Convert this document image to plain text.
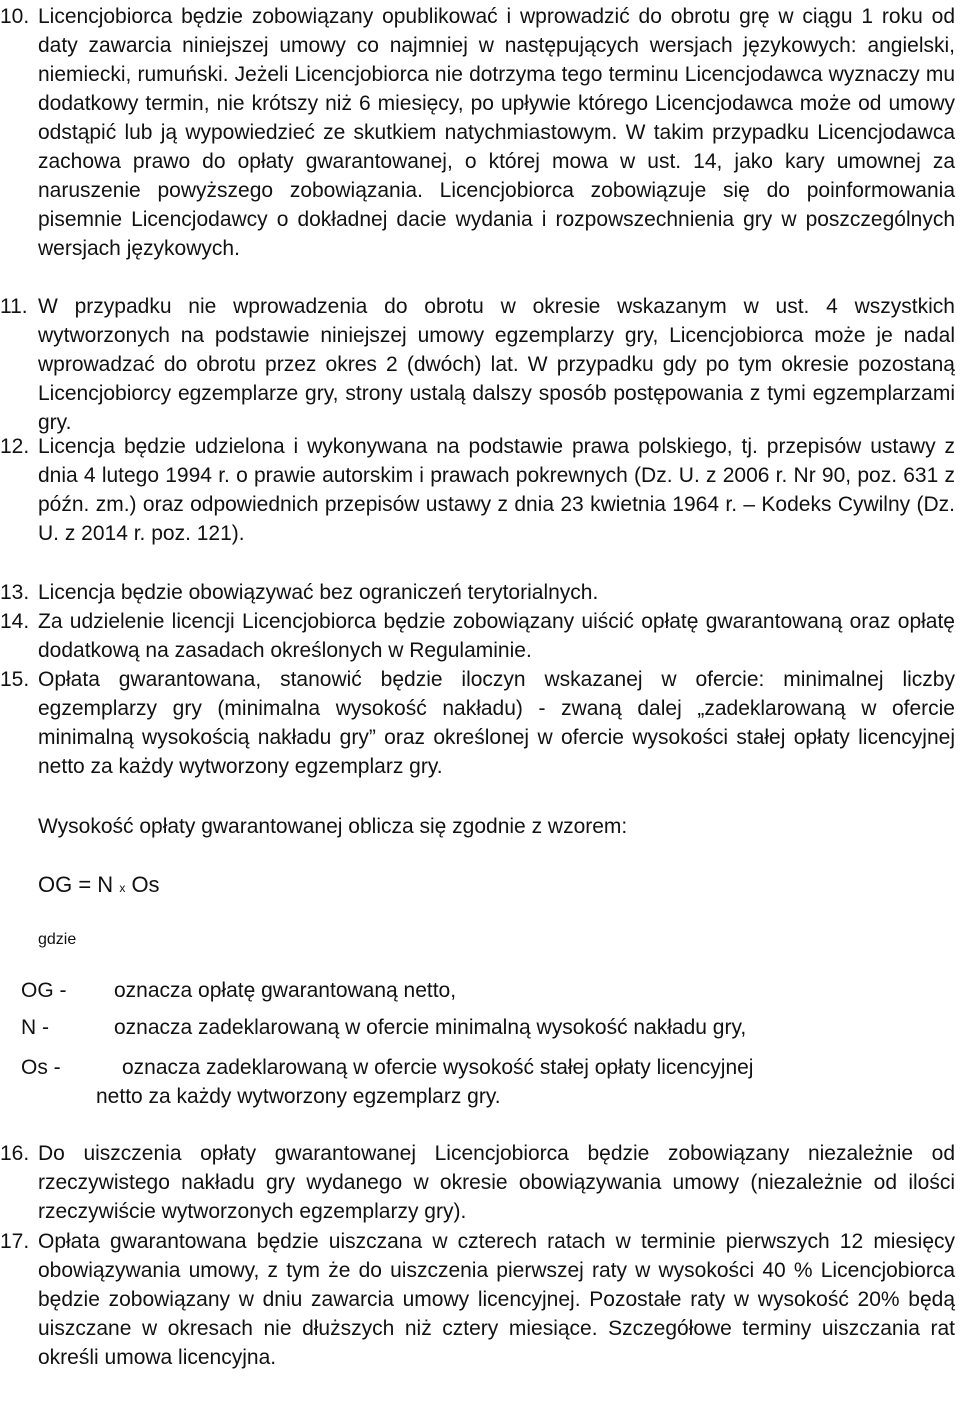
10. Licencjobiorca będzie zobowiązany opublikować i wprowadzić do obrotu grę w ciągu 1 roku od daty zawarcia niniejszej umowy co najmniej w następujących wersjach językowych: angielski, niemiecki, rumuński. Jeżeli Licencjobiorca nie dotrzyma tego terminu Licencjodawca wyznaczy mu dodatkowy termin, nie krótszy niż 6 miesięcy, po upływie którego Licencjodawca może od umowy odstąpić lub ją wypowiedzieć ze skutkiem natychmiastowym. W takim przypadku Licencjodawca zachowa prawo do opłaty gwarantowanej, o której mowa w ust. 14, jako kary umownej za naruszenie powyższego zobowiązania. Licencjobiorca zobowiązuje się do poinformowania pisemnie Licencjodawcy o dokładnej dacie wydania i rozpowszechnienia gry w poszczególnych wersjach językowych.
11. W przypadku nie wprowadzenia do obrotu w okresie wskazanym w ust. 4 wszystkich wytworzonych na podstawie niniejszej umowy egzemplarzy gry, Licencjobiorca może je nadal wprowadzać do obrotu przez okres 2 (dwóch) lat. W przypadku gdy po tym okresie pozostaną Licencjobiorcy egzemplarze gry, strony ustalą dalszy sposób postępowania z tymi egzemplarzami gry.
12. Licencja będzie udzielona i wykonywana na podstawie prawa polskiego, tj. przepisów ustawy z dnia 4 lutego 1994 r. o prawie autorskim i prawach pokrewnych (Dz. U. z 2006 r. Nr 90, poz. 631 z późn. zm.) oraz odpowiednich przepisów ustawy z dnia 23 kwietnia 1964 r. – Kodeks Cywilny (Dz. U. z 2014 r. poz. 121).
13. Licencja będzie obowiązywać bez ograniczeń terytorialnych.
14. Za udzielenie licencji Licencjobiorca będzie zobowiązany uiścić opłatę gwarantowaną oraz opłatę dodatkową na zasadach określonych w Regulaminie.
15. Opłata gwarantowana, stanowić będzie iloczyn wskazanej w ofercie: minimalnej liczby egzemplarzy gry (minimalna wysokość nakładu) - zwaną dalej „zadeklarowaną w ofercie minimalną wysokością nakładu gry” oraz określonej w ofercie wysokości stałej opłaty licencyjnej netto za każdy wytworzony egzemplarz gry.
Wysokość opłaty gwarantowanej oblicza się zgodnie z wzorem:
OG = N x Os
gdzie
OG - oznacza opłatę gwarantowaną netto,
N -	oznacza zadeklarowaną w ofercie minimalną wysokość nakładu gry,
Os -	oznacza zadeklarowaną w ofercie wysokość stałej opłaty licencyjnej
netto za każdy wytworzony egzemplarz gry.
16. Do uiszczenia opłaty gwarantowanej Licencjobiorca będzie zobowiązany niezależnie od rzeczywistego nakładu gry wydanego w okresie obowiązywania umowy (niezależnie od ilości rzeczywiście wytworzonych egzemplarzy gry).
17. Opłata gwarantowana będzie uiszczana w czterech ratach w terminie pierwszych 12 miesięcy obowiązywania umowy, z tym że do uiszczenia pierwszej raty w wysokości 40 % Licencjobiorca będzie zobowiązany w dniu zawarcia umowy licencyjnej. Pozostałe raty w wysokość 20% będą uiszczane w okresach nie dłuższych niż cztery miesiące. Szczegółowe terminy uiszczania rat określi umowa licencyjna.
